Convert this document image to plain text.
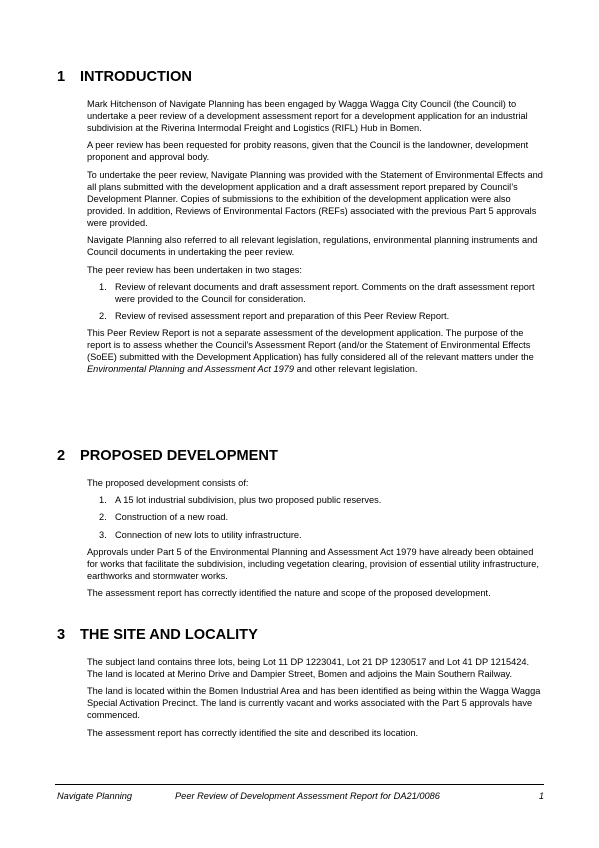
1	INTRODUCTION

Mark Hitchenson of Navigate Planning has been engaged by Wagga Wagga City Council (the Council) to undertake a peer review of a development assessment report for a development application for an industrial subdivision at the Riverina Intermodal Freight and Logistics (RIFL) Hub in Bomen.

A peer review has been requested for probity reasons, given that the Council is the landowner, development proponent and approval body.

To undertake the peer review, Navigate Planning was provided with the Statement of Environmental Effects and all plans submitted with the development application and a draft assessment report prepared by Council’s Development Planner. Copies of submissions to the exhibition of the development application were also provided. In addition, Reviews of Environmental Factors (REFs) associated with the previous Part 5 approvals were provided.

Navigate Planning also referred to all relevant legislation, regulations, environmental planning instruments and Council documents in undertaking the peer review.

The peer review has been undertaken in two stages:

1. Review of relevant documents and draft assessment report. Comments on the draft assessment report were provided to the Council for consideration.
2. Review of revised assessment report and preparation of this Peer Review Report.

This Peer Review Report is not a separate assessment of the development application. The purpose of the report is to assess whether the Council’s Assessment Report (and/or the Statement of Environmental Effects (SoEE) submitted with the Development Application) has fully considered all of the relevant matters under the Environmental Planning and Assessment Act 1979 and other relevant legislation.

2	PROPOSED DEVELOPMENT

The proposed development consists of:

1. A 15 lot industrial subdivision, plus two proposed public reserves.
2. Construction of a new road.
3. Connection of new lots to utility infrastructure.

Approvals under Part 5 of the Environmental Planning and Assessment Act 1979 have already been obtained for works that facilitate the subdivision, including vegetation clearing, provision of essential utility infrastructure, earthworks and stormwater works.

The assessment report has correctly identified the nature and scope of the proposed development.

3	THE SITE AND LOCALITY

The subject land contains three lots, being Lot 11 DP 1223041, Lot 21 DP 1230517 and Lot 41 DP 1215424. The land is located at Merino Drive and Dampier Street, Bomen and adjoins the Main Southern Railway.

The land is located within the Bomen Industrial Area and has been identified as being within the Wagga Wagga Special Activation Precinct. The land is currently vacant and works associated with the Part 5 approvals have commenced.

The assessment report has correctly identified the site and described its location.

Navigate Planning	Peer Review of Development Assessment Report for DA21/0086	1
